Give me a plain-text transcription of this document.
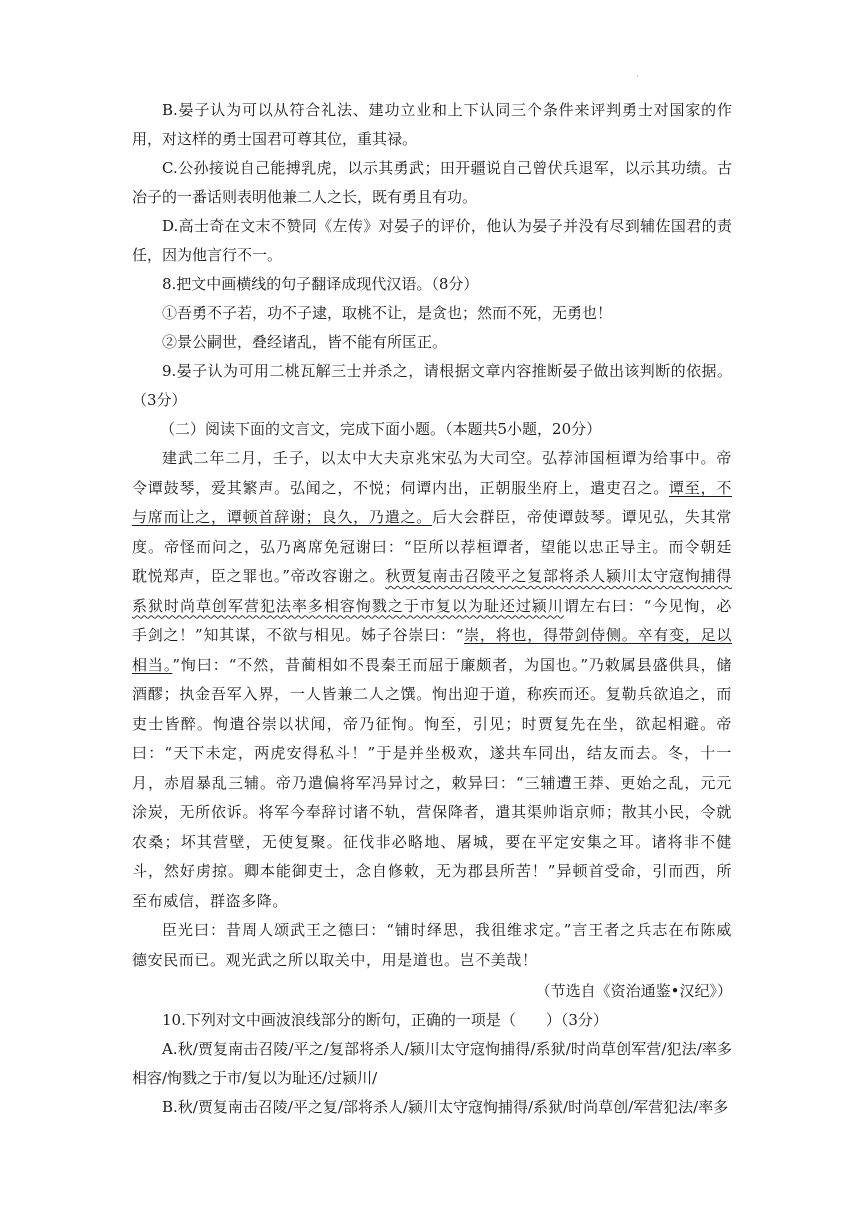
·

B.晏子认为可以从符合礼法、建功立业和上下认同三个条件来评判勇士对国家的作用，对这样的勇士国君可尊其位，重其禄。

C.公孙接说自己能搏乳虎，以示其勇武；田开疆说自己曾伏兵退军，以示其功绩。古冶子的一番话则表明他兼二人之长，既有勇且有功。

D.高士奇在文末不赞同《左传》对晏子的评价，他认为晏子并没有尽到辅佐国君的责任，因为他言行不一。

8.把文中画横线的句子翻译成现代汉语。（8分）

①吾勇不子若，功不子逮，取桃不让，是贪也；然而不死，无勇也！

②景公嗣世，叠经诸乱，皆不能有所匡正。

9.晏子认为可用二桃瓦解三士并杀之，请根据文章内容推断晏子做出该判断的依据。（3分）

（二）阅读下面的文言文，完成下面小题。（本题共5小题，20分）

建武二年二月，壬子，以太中大夫京兆宋弘为大司空。弘荐沛国桓谭为给事中。帝令谭鼓琴，爱其繁声。弘闻之，不悦；伺谭内出，正朝服坐府上，遣吏召之。谭至，不与席而让之，谭顿首辞谢；良久，乃遣之。后大会群臣，帝使谭鼓琴。谭见弘，失其常度。帝怪而问之，弘乃离席免冠谢曰：“臣所以荐桓谭者，望能以忠正导主。而令朝廷耽悦郑声，臣之罪也。”帝改容谢之。秋贾复南击召陵平之复部将杀人颍川太守寇恂捕得系狱时尚草创军营犯法率多相容恂戮之于市复以为耻还过颍川谓左右曰：“今见恂，必手剑之！”知其谋，不欲与相见。姊子谷崇曰：“崇，将也，得带剑侍侧。卒有变，足以相当。”恂曰：“不然，昔蔺相如不畏秦王而屈于廉颇者，为国也。”乃敕属县盛供具，储酒醪；执金吾军入界，一人皆兼二人之馔。恂出迎于道，称疾而还。复勒兵欲追之，而吏士皆醉。恂遣谷崇以状闻，帝乃征恂。恂至，引见；时贾复先在坐，欲起相避。帝曰：“天下未定，两虎安得私斗！”于是并坐极欢，遂共车同出，结友而去。冬，十一月，赤眉暴乱三辅。帝乃遣偏将军冯异讨之，敕异曰：“三辅遭王莽、更始之乱，元元涂炭，无所依诉。将军今奉辞讨诸不轨，营保降者，遣其渠帅诣京师；散其小民，令就农桑；坏其营壁，无使复聚。征伐非必略地、屠城，要在平定安集之耳。诸将非不健斗，然好虏掠。卿本能御吏士，念自修敕，无为郡县所苦！”异顿首受命，引而西，所至布威信，群盗多降。

臣光曰：昔周人颂武王之德曰：“铺时绎思，我徂维求定。”言王者之兵志在布陈威德安民而已。观光武之所以取关中，用是道也。岂不美哉！

（节选自《资治通鉴•汉纪》）

10.下列对文中画波浪线部分的断句，正确的一项是（　　）（3分）

A.秋/贾复南击召陵/平之/复部将杀人/颍川太守寇恂捕得/系狱/时尚草创军营/犯法/率多相容/恂戮之于市/复以为耻还/过颍川/

B.秋/贾复南击召陵/平之复/部将杀人/颍川太守寇恂捕得/系狱/时尚草创/军营犯法/率多
